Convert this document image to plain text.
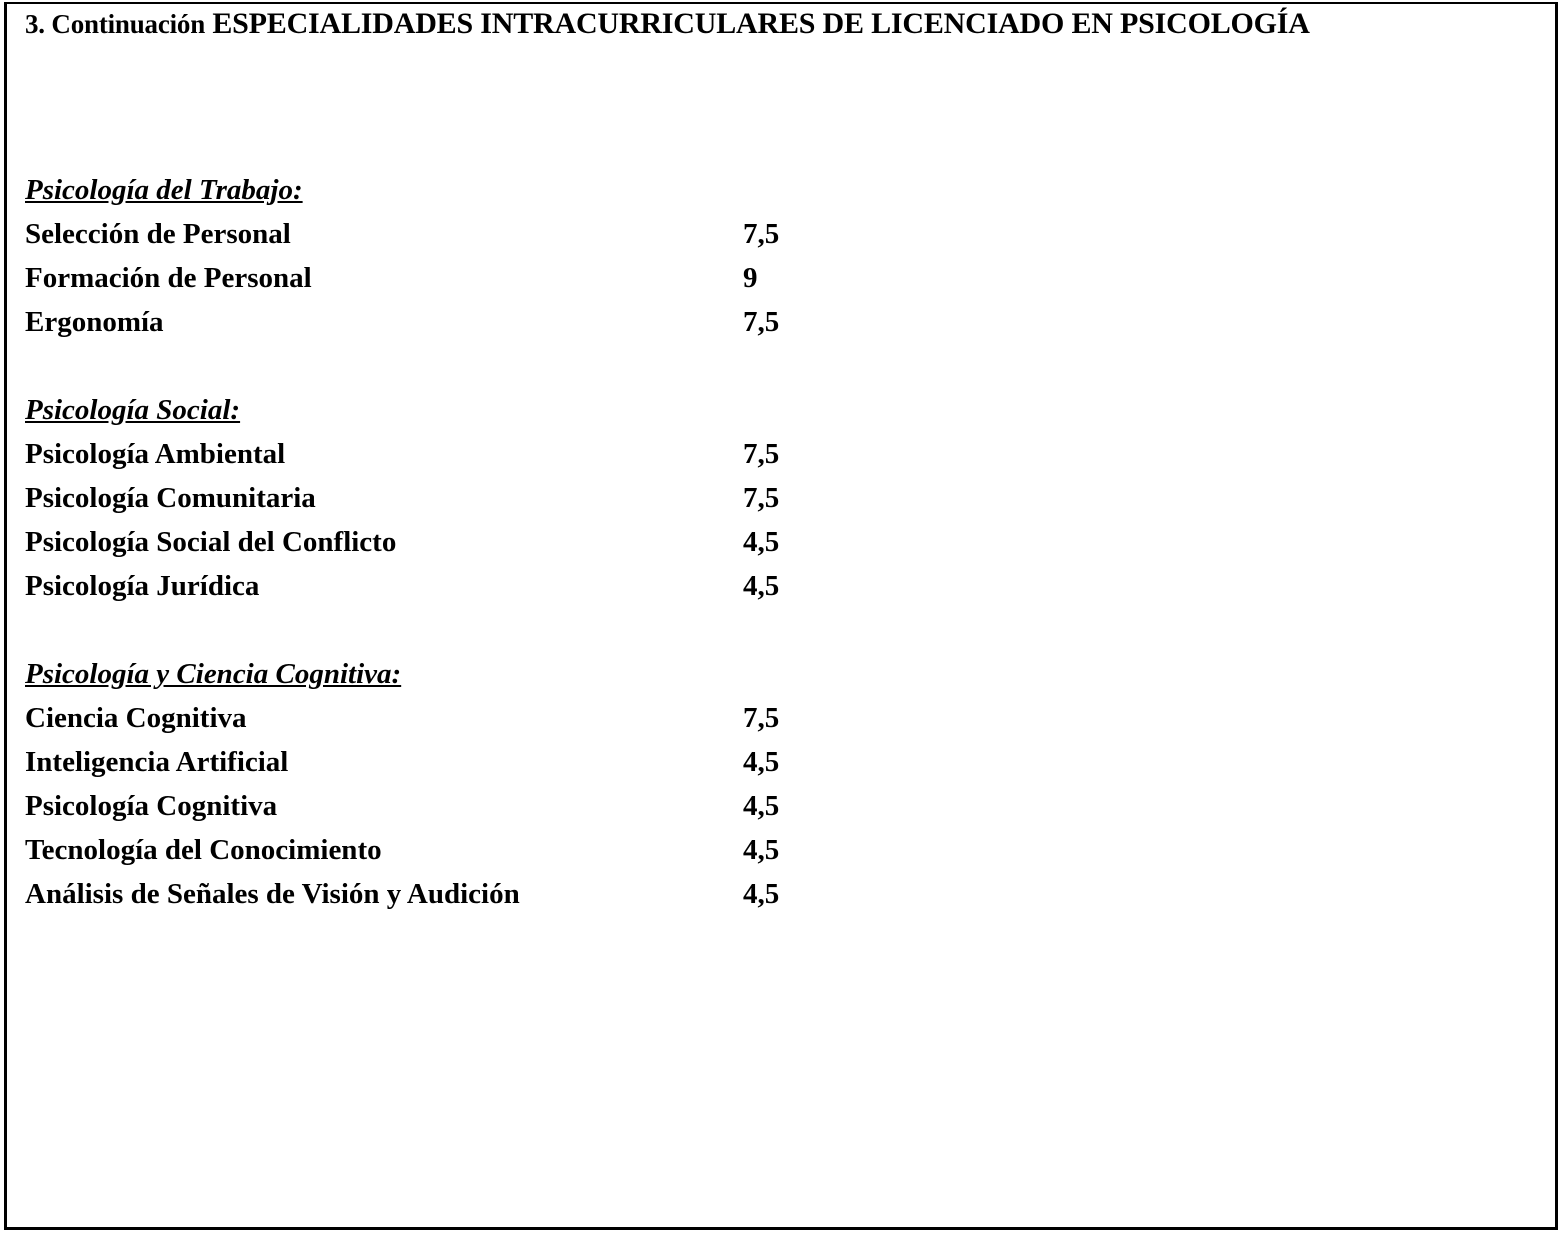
3. Continuación ESPECIALIDADES INTRACURRICULARES DE LICENCIADO EN PSICOLOGÍA
Psicología del Trabajo:
Selección de Personal	7,5
Formación de Personal	9
Ergonomía	7,5
Psicología Social:
Psicología Ambiental	7,5
Psicología Comunitaria	7,5
Psicología Social del Conflicto	4,5
Psicología Jurídica	4,5
Psicología y Ciencia Cognitiva:
Ciencia Cognitiva	7,5
Inteligencia Artificial	4,5
Psicología Cognitiva	4,5
Tecnología del Conocimiento	4,5
Análisis de Señales de Visión y Audición	4,5
